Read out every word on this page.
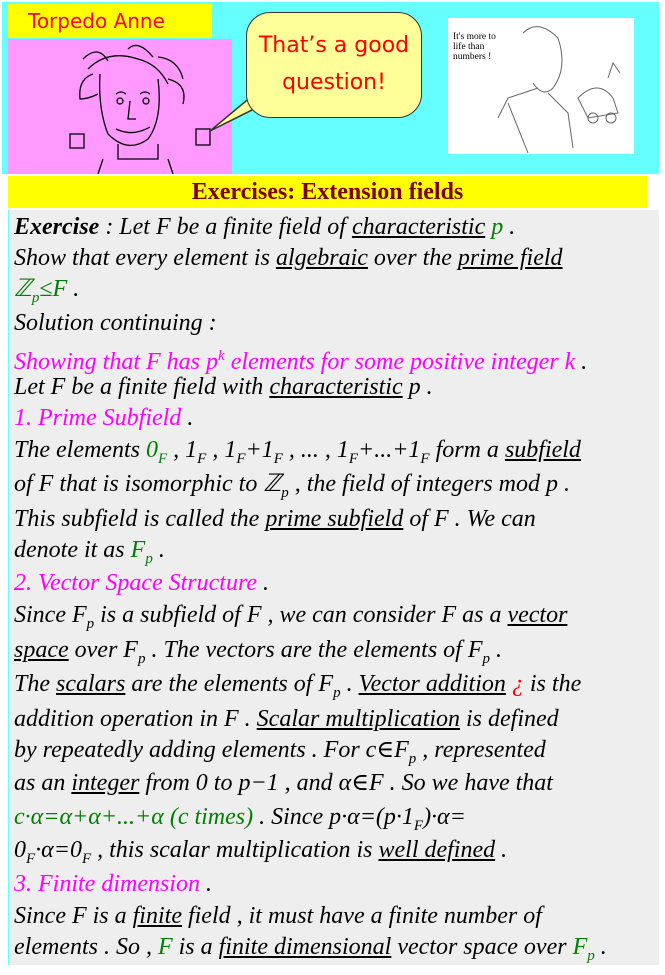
Torpedo Anne
That’s a good
question!
It's more to
life than
numbers !
Exercises: Extension fields
Exercise : Let F be a finite field of characteristic p .
Show that every element is algebraic over the prime field
ℤ$_p$≤F .
Solution continuing :
Showing that F has $p^k$ elements for some positive integer k .
Let F be a finite field with characteristic p .
1. Prime Subfield .
The elements $0_F$ , $1_F$ , $1_F+1_F$ , ... , $1_F+...+1_F$ form a subfield
of F that is isomorphic to ℤ$_p$ , the field of integers mod p .
This subfield is called the prime subfield of F . We can
denote it as $F_p$ .
2. Vector Space Structure .
Since $F_p$ is a subfield of F , we can consider F as a vector
space over $F_p$ . The vectors are the elements of $F_p$ .
The scalars are the elements of $F_p$ . Vector addition ¿ is the
addition operation in F . Scalar multiplication is defined
by repeatedly adding elements . For $c\in F_p$ , represented
as an integer from 0 to p−1 , and α∈F . So we have that
c·α=α+α+...+α (c times) . Since $p\cdot\alpha=(p\cdot 1_F)\cdot\alpha=$
$0_F\cdot\alpha=0_F$ , this scalar multiplication is well defined .
3. Finite dimension .
Since F is a finite field , it must have a finite number of
elements . So , F is a finite dimensional vector space over $F_p$ .
